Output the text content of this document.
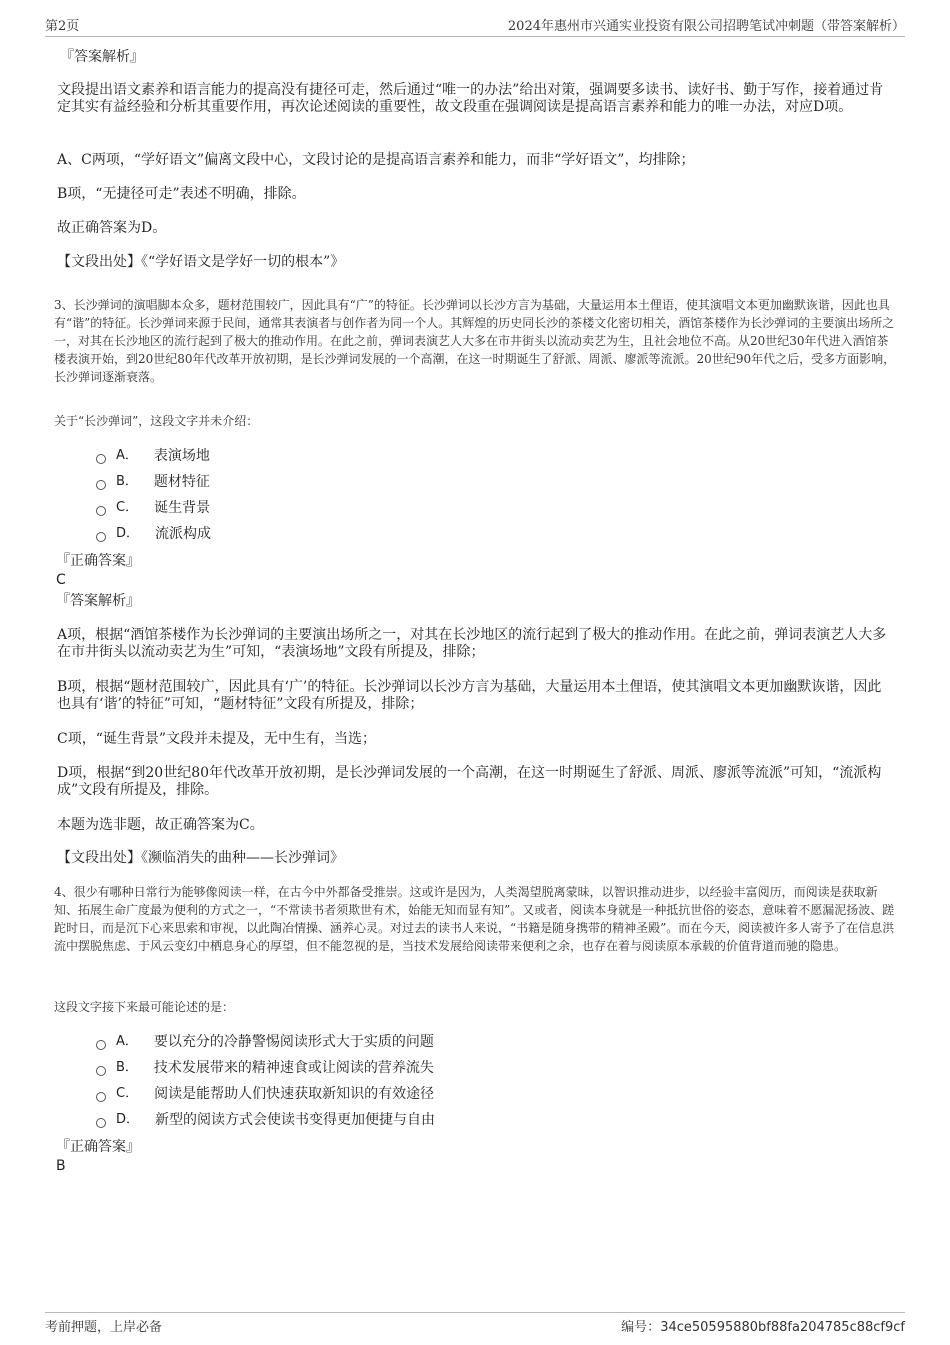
第2页	2024年惠州市兴通实业投资有限公司招聘笔试冲刺题（带答案解析）
『答案解析』
文段提出语文素养和语言能力的提高没有捷径可走，然后通过“唯一的办法”给出对策，强调要多读书、读好书、勤于写作，接着通过肯定其实有益经验和分析其重要作用，再次论述阅读的重要性，故文段重在强调阅读是提高语言素养和能力的唯一办法，对应D项。
A、C两项，“学好语文”偏离文段中心，文段讨论的是提高语言素养和能力，而非“学好语文”，均排除；
B项，“无捷径可走”表述不明确，排除。
故正确答案为D。
【文段出处】《“学好语文是学好一切的根本”》
3、长沙弹词的演唱脚本众多，题材范围较广，因此具有“广”的特征。长沙弹词以长沙方言为基础，大量运用本土俚语，使其演唱文本更加幽默诙谐，因此也具有“谐”的特征。长沙弹词来源于民间，通常其表演者与创作者为同一个人。其辉煌的历史同长沙的茶楼文化密切相关，酒馆茶楼作为长沙弹词的主要演出场所之一，对其在长沙地区的流行起到了极大的推动作用。在此之前，弹词表演艺人大多在市井街头以流动卖艺为生，且社会地位不高。从20世纪30年代进入酒馆茶楼表演开始，到20世纪80年代改革开放初期，是长沙弹词发展的一个高潮，在这一时期诞生了舒派、周派、廖派等流派。20世纪90年代之后，受多方面影响，长沙弹词逐渐衰落。
关于“长沙弹词”，这段文字并未介绍：
A． 表演场地
B． 题材特征
C． 诞生背景
D． 流派构成
『正确答案』
C
『答案解析』
A项，根据“酒馆茶楼作为长沙弹词的主要演出场所之一，对其在长沙地区的流行起到了极大的推动作用。在此之前，弹词表演艺人大多在市井街头以流动卖艺为生”可知，“表演场地”文段有所提及，排除；
B项，根据“题材范围较广，因此具有‘广’的特征。长沙弹词以长沙方言为基础，大量运用本土俚语，使其演唱文本更加幽默诙谐，因此也具有‘谐’的特征”可知，“题材特征”文段有所提及，排除；
C项，“诞生背景”文段并未提及，无中生有，当选；
D项，根据“到20世纪80年代改革开放初期，是长沙弹词发展的一个高潮，在这一时期诞生了舒派、周派、廖派等流派”可知，“流派构成”文段有所提及，排除。
本题为选非题，故正确答案为C。
【文段出处】《濒临消失的曲种——长沙弹词》
4、很少有哪种日常行为能够像阅读一样，在古今中外都备受推崇。这或许是因为，人类渴望脱离蒙昧，以智识推动进步，以经验丰富阅历，而阅读是获取新知、拓展生命广度最为便利的方式之一，“不常读书者须欺世有术，始能无知而显有知”。又或者，阅读本身就是一种抵抗世俗的姿态，意味着不愿漏泥扬波、蹉跎时日，而是沉下心来思索和审视，以此陶冶情操、涵养心灵。对过去的读书人来说，“书籍是随身携带的精神圣殿”。而在今天，阅读被许多人寄予了在信息洪流中摆脱焦虑、于风云变幻中栖息身心的厚望，但不能忽视的是，当技术发展给阅读带来便利之余，也存在着与阅读原本承载的价值背道而驰的隐患。
这段文字接下来最可能论述的是：
A． 要以充分的冷静警惕阅读形式大于实质的问题
B． 技术发展带来的精神速食或让阅读的营养流失
C． 阅读是能帮助人们快速获取新知识的有效途径
D． 新型的阅读方式会使读书变得更加便捷与自由
『正确答案』
B
考前押题，上岸必备	编号：34ce50595880bf88fa204785c88cf9cf
